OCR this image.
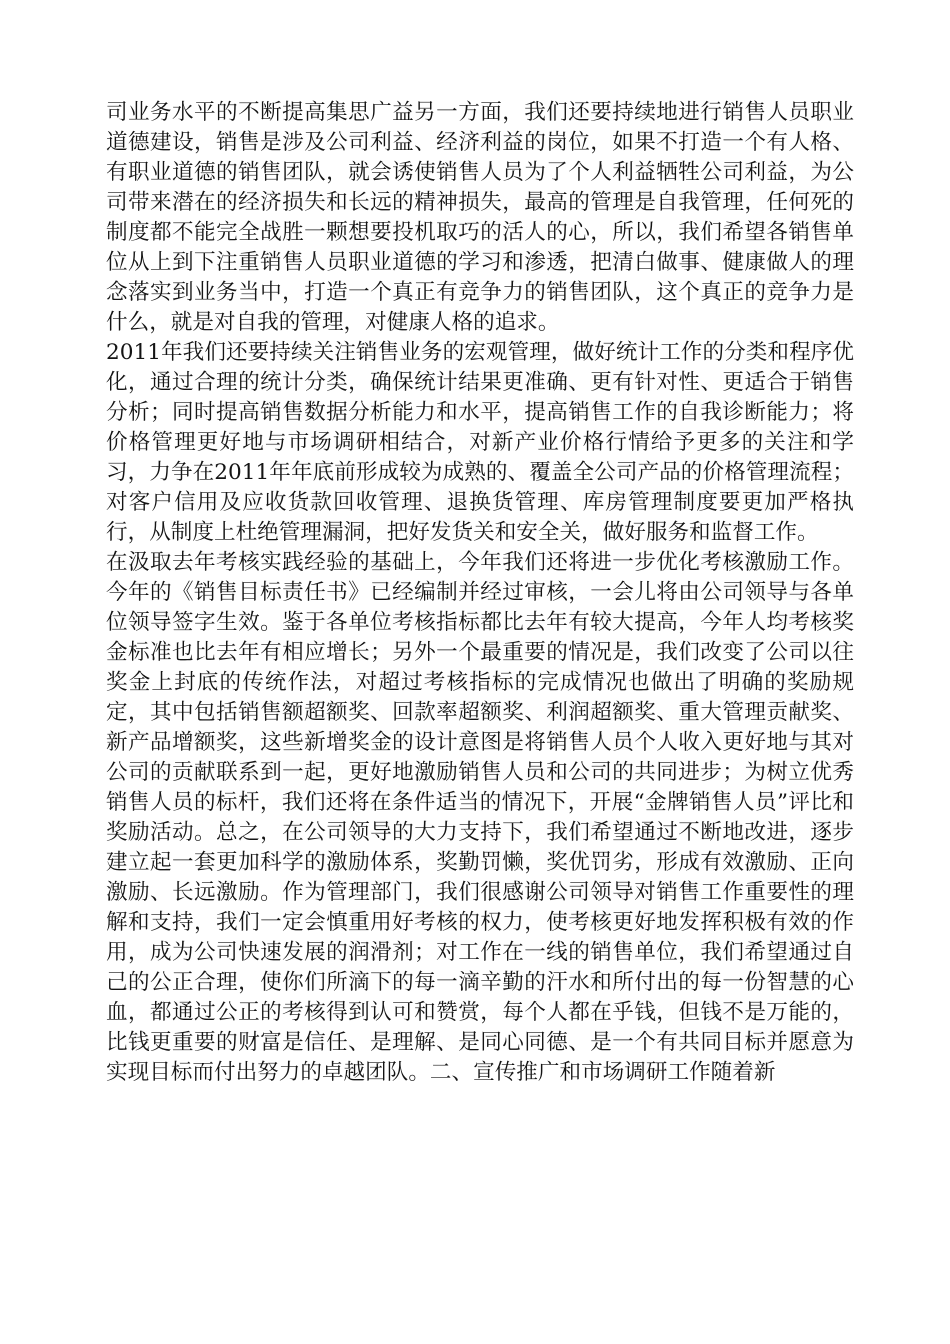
司业务水平的不断提高集思广益另一方面，我们还要持续地进行销售人员职业道德建设，销售是涉及公司利益、经济利益的岗位，如果不打造一个有人格、有职业道德的销售团队，就会诱使销售人员为了个人利益牺牲公司利益，为公司带来潜在的经济损失和长远的精神损失，最高的管理是自我管理，任何死的制度都不能完全战胜一颗想要投机取巧的活人的心，所以，我们希望各销售单位从上到下注重销售人员职业道德的学习和渗透，把清白做事、健康做人的理念落实到业务当中，打造一个真正有竞争力的销售团队，这个真正的竞争力是什么，就是对自我的管理，对健康人格的追求。

2011年我们还要持续关注销售业务的宏观管理，做好统计工作的分类和程序优化，通过合理的统计分类，确保统计结果更准确、更有针对性、更适合于销售分析；同时提高销售数据分析能力和水平，提高销售工作的自我诊断能力；将价格管理更好地与市场调研相结合，对新产业价格行情给予更多的关注和学习，力争在2011年年底前形成较为成熟的、覆盖全公司产品的价格管理流程；对客户信用及应收货款回收管理、退换货管理、库房管理制度要更加严格执行，从制度上杜绝管理漏洞，把好发货关和安全关，做好服务和监督工作。

在汲取去年考核实践经验的基础上，今年我们还将进一步优化考核激励工作。今年的《销售目标责任书》已经编制并经过审核，一会儿将由公司领导与各单位领导签字生效。鉴于各单位考核指标都比去年有较大提高，今年人均考核奖金标准也比去年有相应增长；另外一个最重要的情况是，我们改变了公司以往奖金上封底的传统作法，对超过考核指标的完成情况也做出了明确的奖励规定，其中包括销售额超额奖、回款率超额奖、利润超额奖、重大管理贡献奖、新产品增额奖，这些新增奖金的设计意图是将销售人员个人收入更好地与其对公司的贡献联系到一起，更好地激励销售人员和公司的共同进步；为树立优秀销售人员的标杆，我们还将在条件适当的情况下，开展“金牌销售人员”评比和奖励活动。总之，在公司领导的大力支持下，我们希望通过不断地改进，逐步建立起一套更加科学的激励体系，奖勤罚懒，奖优罚劣，形成有效激励、正向激励、长远激励。作为管理部门，我们很感谢公司领导对销售工作重要性的理解和支持，我们一定会慎重用好考核的权力，使考核更好地发挥积极有效的作用，成为公司快速发展的润滑剂；对工作在一线的销售单位，我们希望通过自己的公正合理，使你们所滴下的每一滴辛勤的汗水和所付出的每一份智慧的心血，都通过公正的考核得到认可和赞赏，每个人都在乎钱，但钱不是万能的，比钱更重要的财富是信任、是理解、是同心同德、是一个有共同目标并愿意为实现目标而付出努力的卓越团队。二、宣传推广和市场调研工作随着新
